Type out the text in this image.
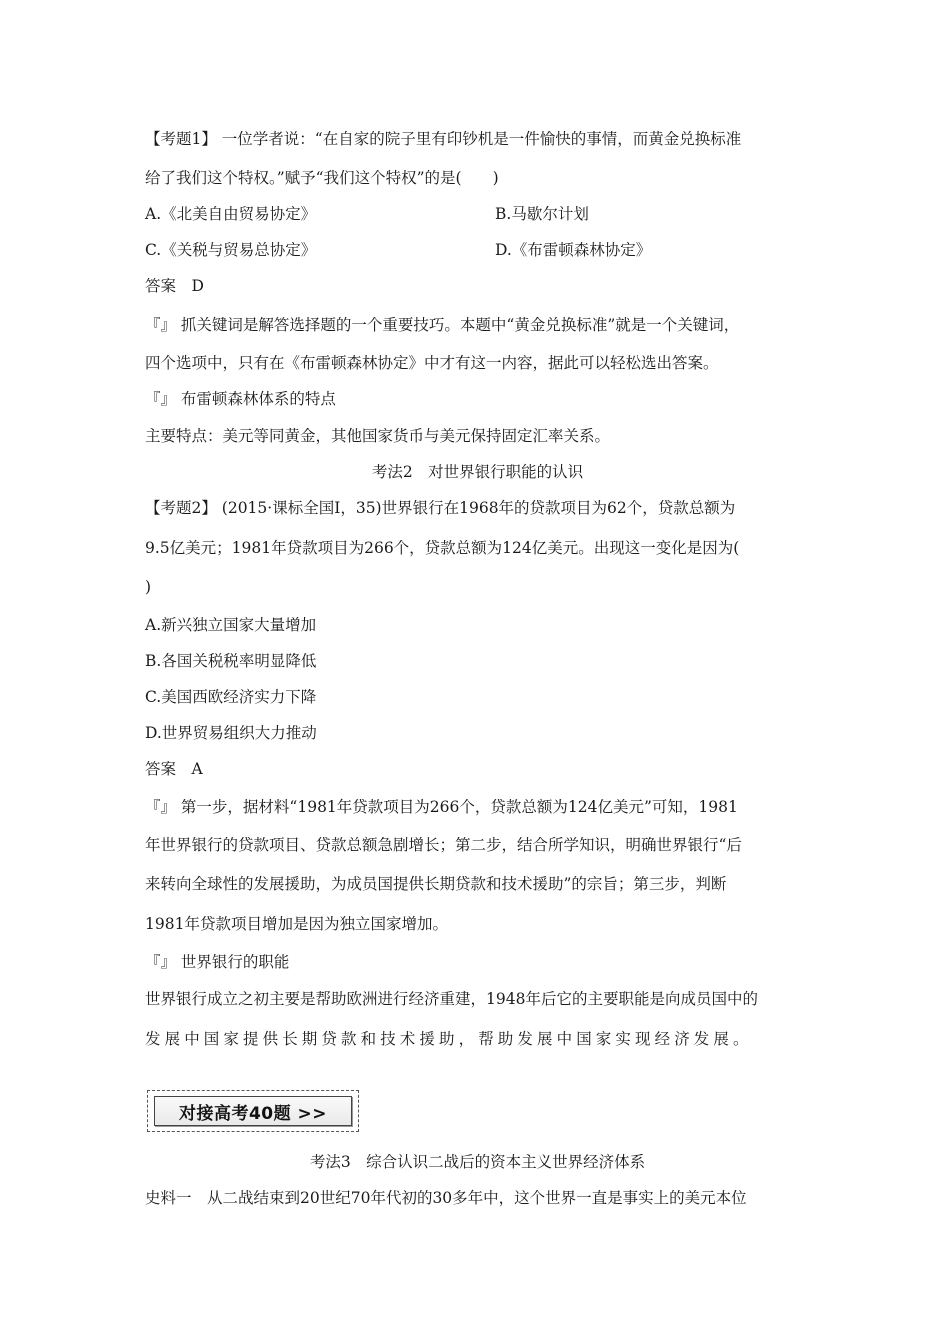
【考题1】 一位学者说：“在自家的院子里有印钞机是一件愉快的事情，而黄金兑换标准
给了我们这个特权。”赋予“我们这个特权”的是(　　)
A.《北美自由贸易协定》	B.马歇尔计划
C.《关税与贸易总协定》	D.《布雷顿森林协定》
答案　D
『』 抓关键词是解答选择题的一个重要技巧。本题中“黄金兑换标准”就是一个关键词，
四个选项中，只有在《布雷顿森林协定》中才有这一内容，据此可以轻松选出答案。
『』 布雷顿森林体系的特点
主要特点：美元等同黄金，其他国家货币与美元保持固定汇率关系。
考法2　对世界银行职能的认识
【考题2】 (2015·课标全国Ⅰ，35)世界银行在1968年的贷款项目为62个，贷款总额为
9.5亿美元；1981年贷款项目为266个，贷款总额为124亿美元。出现这一变化是因为(
)
A.新兴独立国家大量增加
B.各国关税税率明显降低
C.美国西欧经济实力下降
D.世界贸易组织大力推动
答案　A
『』 第一步，据材料“1981年贷款项目为266个，贷款总额为124亿美元”可知，1981
年世界银行的贷款项目、贷款总额急剧增长；第二步，结合所学知识，明确世界银行“后
来转向全球性的发展援助，为成员国提供长期贷款和技术援助”的宗旨；第三步，判断
1981年贷款项目增加是因为独立国家增加。
『』 世界银行的职能
世界银行成立之初主要是帮助欧洲进行经济重建，1948年后它的主要职能是向成员国中的
发展中国家提供长期贷款和技术援助，帮助发展中国家实现经济发展。
对接高考40题 >>
考法3　综合认识二战后的资本主义世界经济体系
史料一　从二战结束到20世纪70年代初的30多年中，这个世界一直是事实上的美元本位
